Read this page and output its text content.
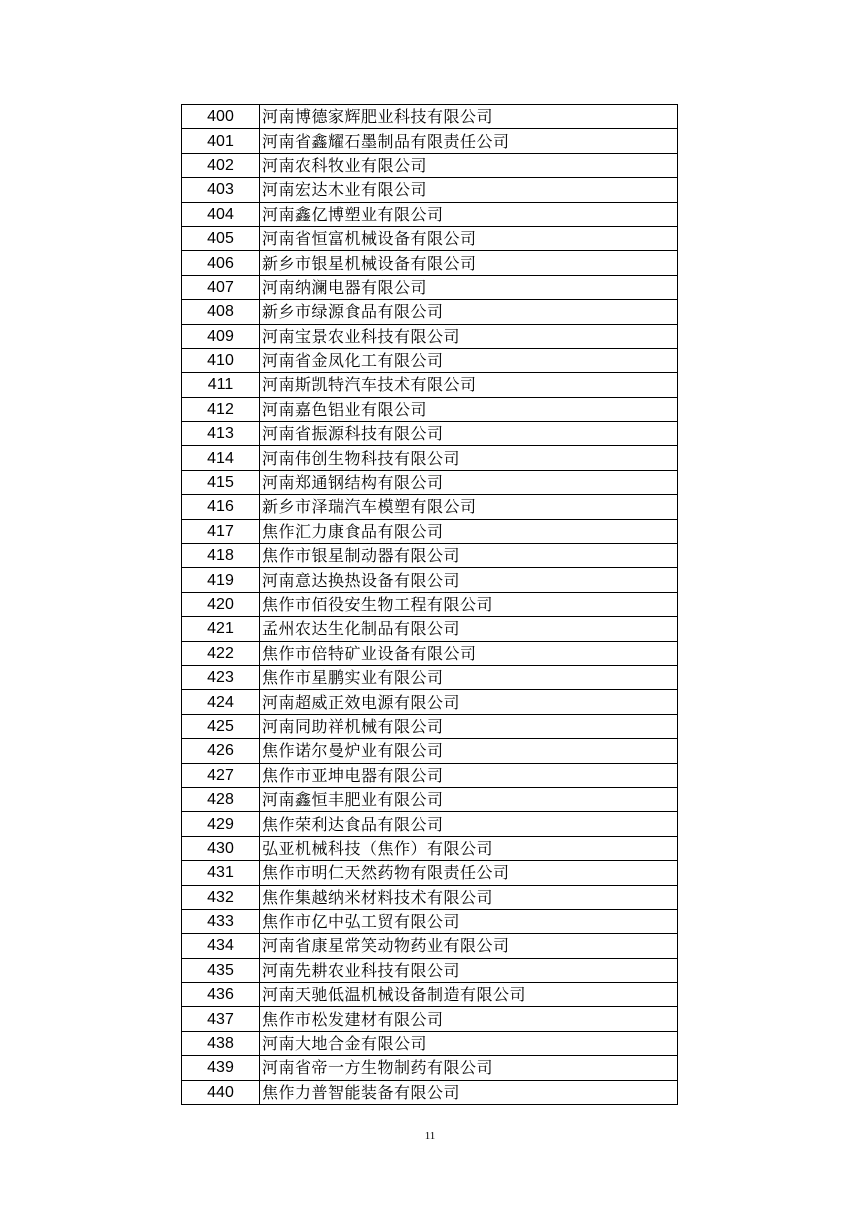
400	河南博德家辉肥业科技有限公司
401	河南省鑫耀石墨制品有限责任公司
402	河南农科牧业有限公司
403	河南宏达木业有限公司
404	河南鑫亿博塑业有限公司
405	河南省恒富机械设备有限公司
406	新乡市银星机械设备有限公司
407	河南纳澜电器有限公司
408	新乡市绿源食品有限公司
409	河南宝景农业科技有限公司
410	河南省金凤化工有限公司
411	河南斯凯特汽车技术有限公司
412	河南嘉色铝业有限公司
413	河南省振源科技有限公司
414	河南伟创生物科技有限公司
415	河南郑通钢结构有限公司
416	新乡市泽瑞汽车模塑有限公司
417	焦作汇力康食品有限公司
418	焦作市银星制动器有限公司
419	河南意达换热设备有限公司
420	焦作市佰役安生物工程有限公司
421	孟州农达生化制品有限公司
422	焦作市倍特矿业设备有限公司
423	焦作市星鹏实业有限公司
424	河南超威正效电源有限公司
425	河南同助祥机械有限公司
426	焦作诺尔曼炉业有限公司
427	焦作市亚坤电器有限公司
428	河南鑫恒丰肥业有限公司
429	焦作荣利达食品有限公司
430	弘亚机械科技（焦作）有限公司
431	焦作市明仁天然药物有限责任公司
432	焦作集越纳米材料技术有限公司
433	焦作市亿中弘工贸有限公司
434	河南省康星常笑动物药业有限公司
435	河南先耕农业科技有限公司
436	河南天驰低温机械设备制造有限公司
437	焦作市松发建材有限公司
438	河南大地合金有限公司
439	河南省帝一方生物制药有限公司
440	焦作力普智能装备有限公司
11
